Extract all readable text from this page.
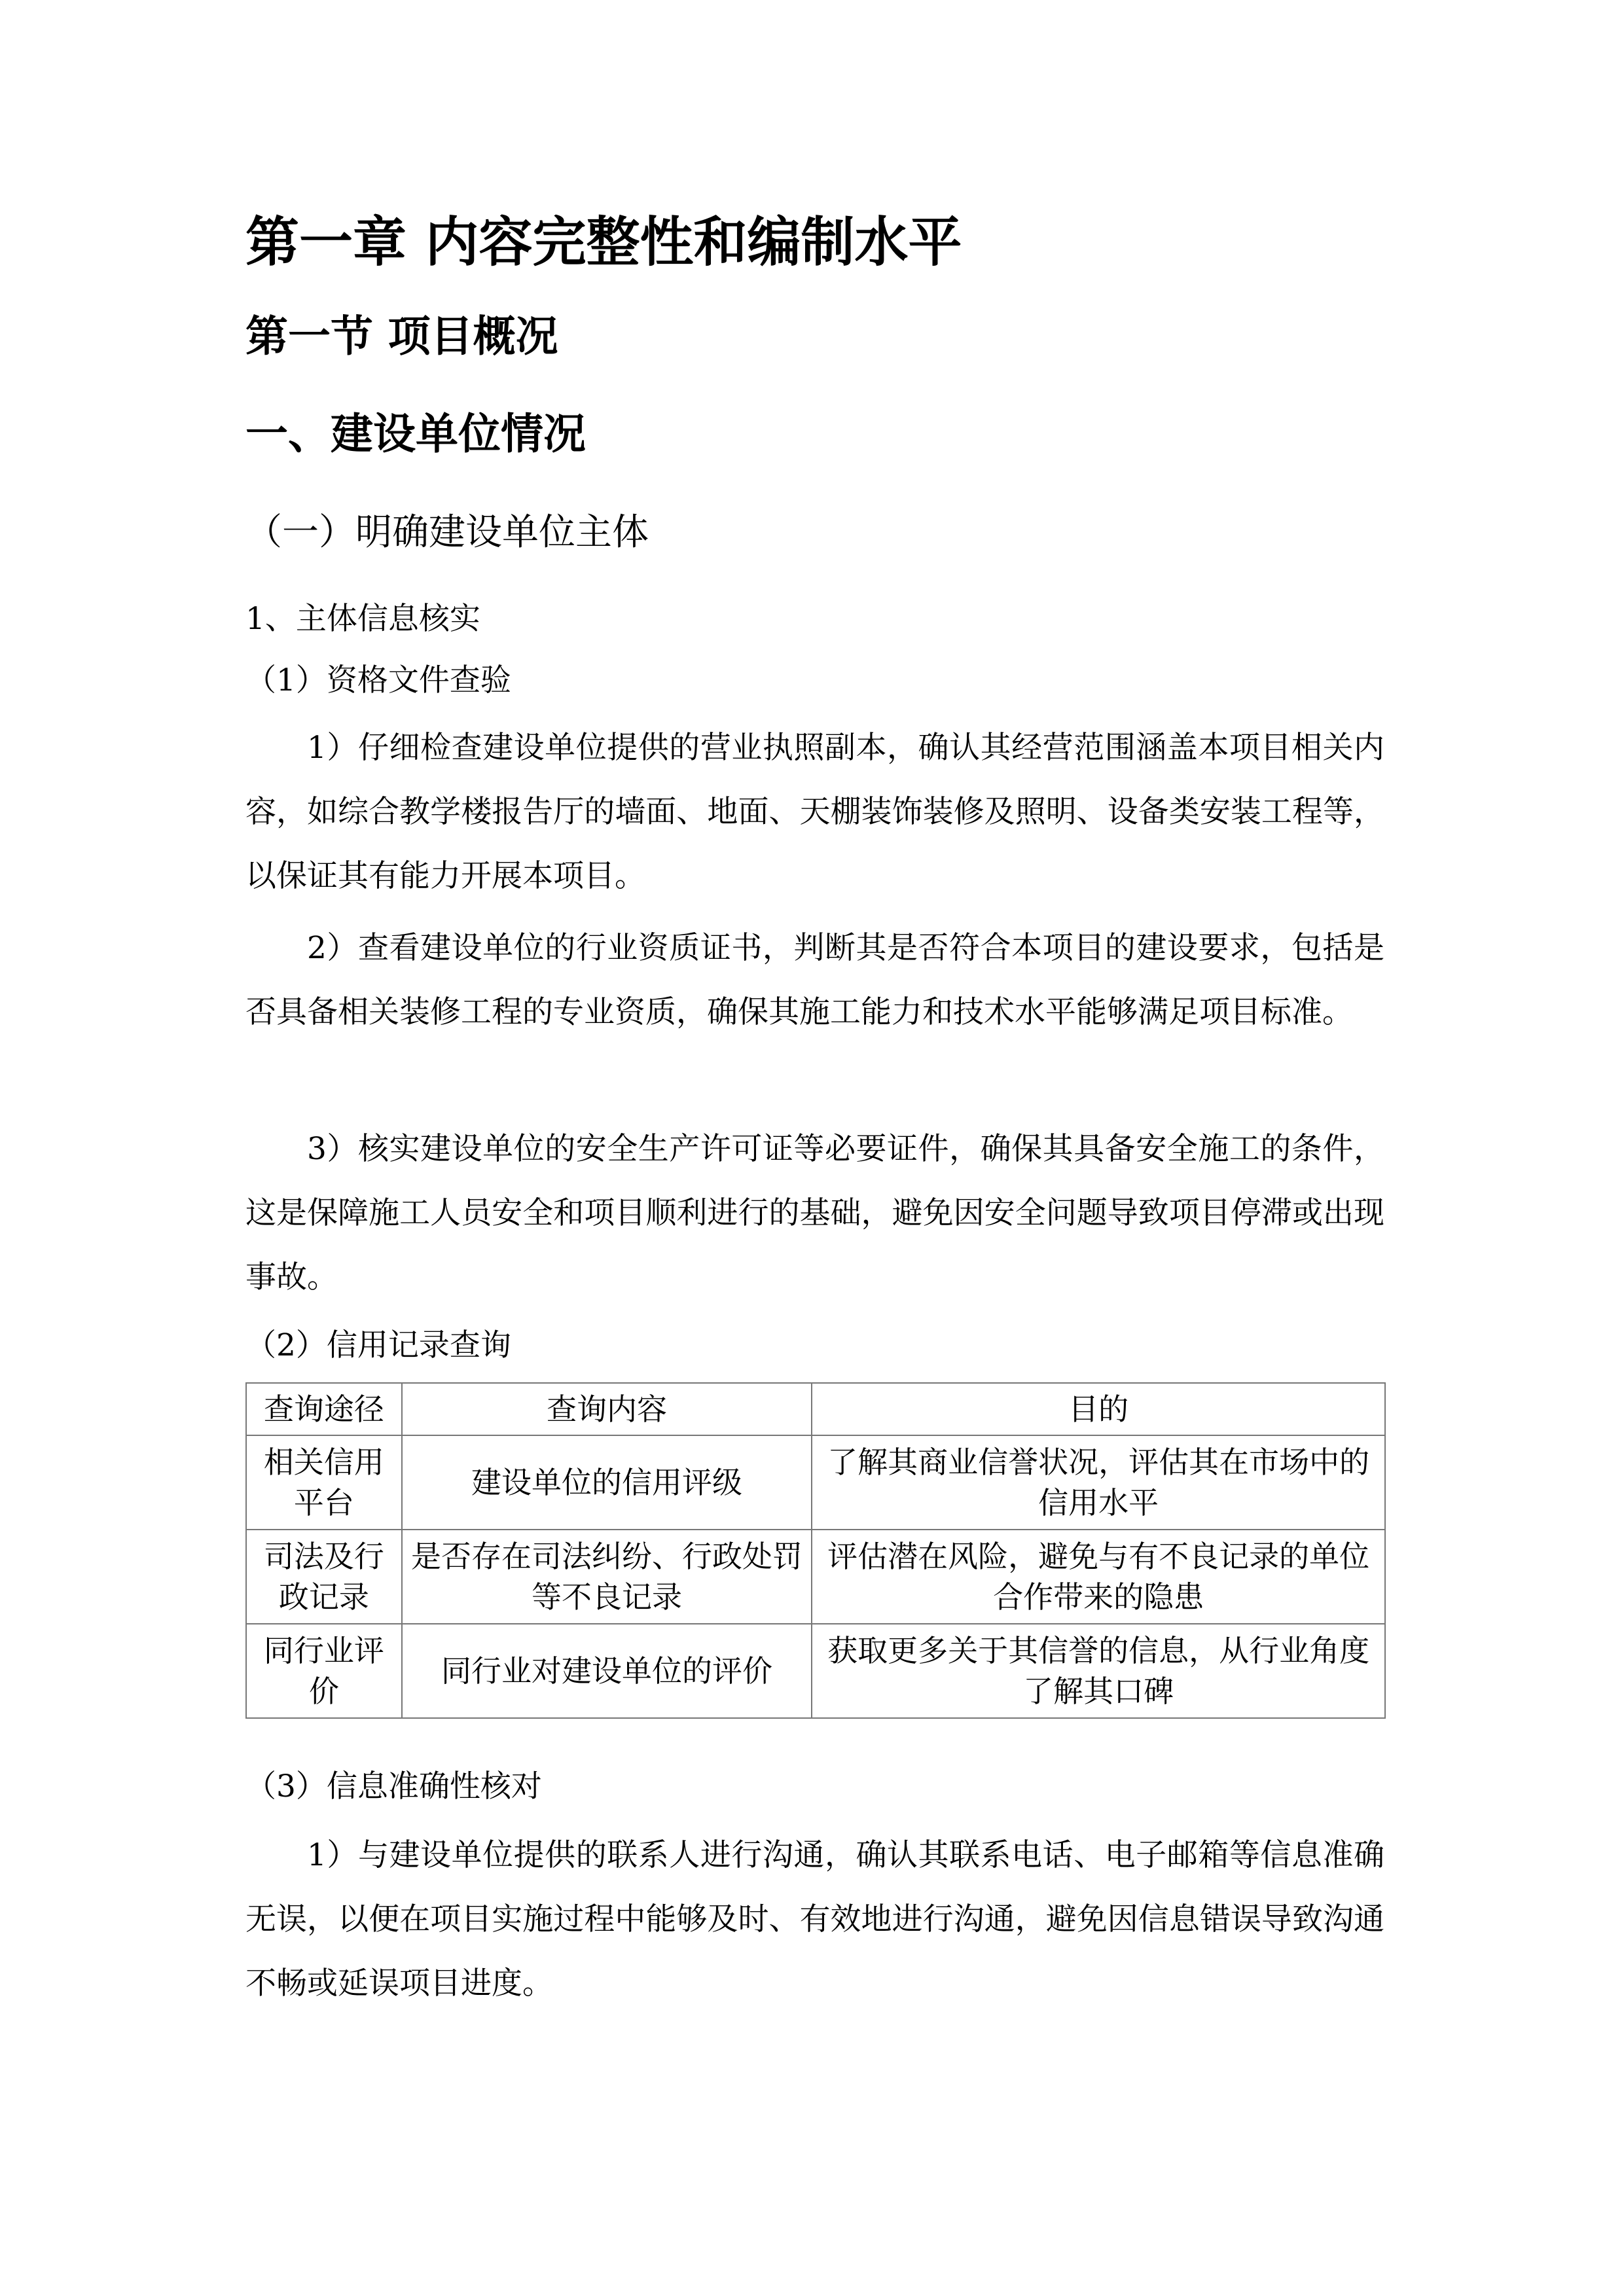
第一章 内容完整性和编制水平
第一节 项目概况
一、建设单位情况
（一）明确建设单位主体
1、主体信息核实
（1）资格文件查验

1）仔细检查建设单位提供的营业执照副本，确认其经营范围涵盖本项目相关内容，如综合教学楼报告厅的墙面、地面、天棚装饰装修及照明、设备类安装工程等，以保证其有能力开展本项目。

2）查看建设单位的行业资质证书，判断其是否符合本项目的建设要求，包括是否具备相关装修工程的专业资质，确保其施工能力和技术水平能够满足项目标准。

3）核实建设单位的安全生产许可证等必要证件，确保其具备安全施工的条件，这是保障施工人员安全和项目顺利进行的基础，避免因安全问题导致项目停滞或出现事故。

（2）信用记录查询
查询途径	查询内容	目的
相关信用平台	建设单位的信用评级	了解其商业信誉状况，评估其在市场中的信用水平
司法及行政记录	是否存在司法纠纷、行政处罚等不良记录	评估潜在风险，避免与有不良记录的单位合作带来的隐患
同行业评价	同行业对建设单位的评价	获取更多关于其信誉的信息，从行业角度了解其口碑
（3）信息准确性核对

1）与建设单位提供的联系人进行沟通，确认其联系电话、电子邮箱等信息准确无误，以便在项目实施过程中能够及时、有效地进行沟通，避免因信息错误导致沟通不畅或延误项目进度。
